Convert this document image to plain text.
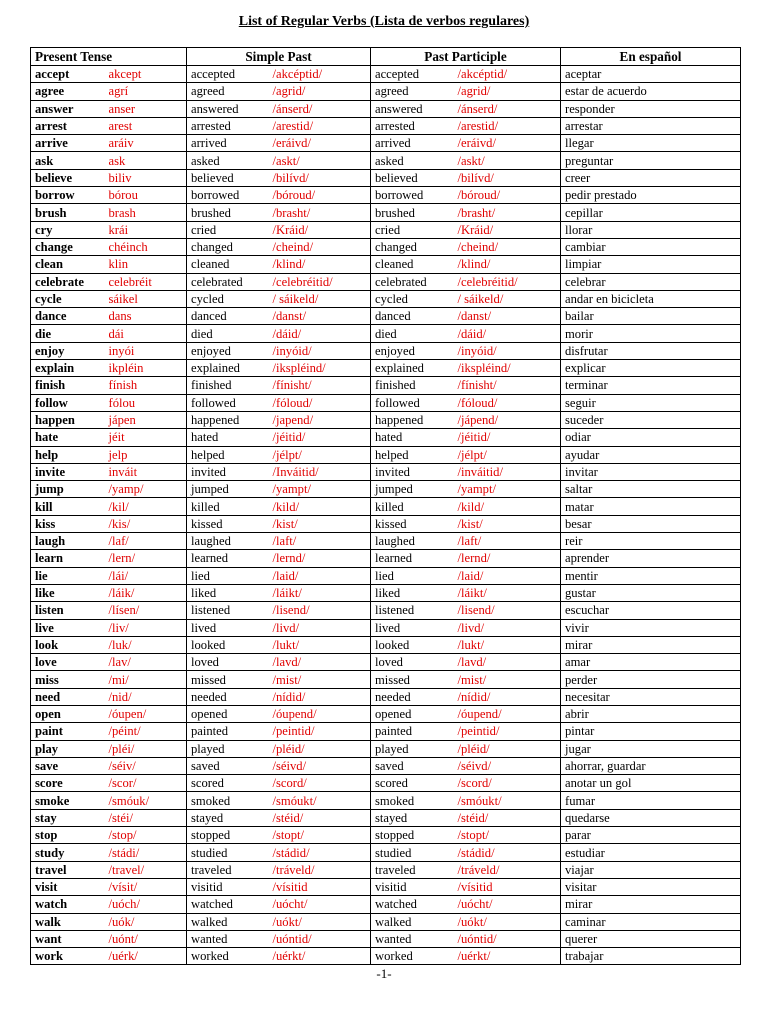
List of Regular Verbs (Lista de verbos regulares)
Present Tense		Simple Past		Past Participle		En español
accept	akcept	accepted	/akcéptid/	accepted	/akcéptid/	aceptar
agree	agrí	agreed	/agrid/	agreed	/agrid/	estar de acuerdo
answer	anser	answered	/ánserd/	answered	/ánserd/	responder
arrest	arest	arrested	/arestid/	arrested	/arestid/	arrestar
arrive	aráiv	arrived	/eráivd/	arrived	/eráivd/	llegar
ask	ask	asked	/askt/	asked	/askt/	preguntar
believe	biliv	believed	/bilívd/	believed	/bilívd/	creer
borrow	bórou	borrowed	/bóroud/	borrowed	/bóroud/	pedir prestado
brush	brash	brushed	/brasht/	brushed	/brasht/	cepillar
cry	krái	cried	/Kráid/	cried	/Kráid/	llorar
change	chéinch	changed	/cheind/	changed	/cheind/	cambiar
clean	klin	cleaned	/klind/	cleaned	/klind/	limpiar
celebrate	celebréit	celebrated	/celebréitid/	celebrated	/celebréitid/	celebrar
cycle	sáikel	cycled	/ sáikeld/	cycled	/ sáikeld/	andar en bicicleta
dance	dans	danced	/danst/	danced	/danst/	bailar
die	dái	died	/dáid/	died	/dáid/	morir
enjoy	inyói	enjoyed	/inyóid/	enjoyed	/inyóid/	disfrutar
explain	ikpléin	explained	/ikspléind/	explained	/ikspléind/	explicar
finish	fínish	finished	/fínisht/	finished	/fínisht/	terminar
follow	fólou	followed	/fóloud/	followed	/fóloud/	seguir
happen	jápen	happened	/japend/	happened	/jápend/	suceder
hate	jéit	hated	/jéitid/	hated	/jéitid/	odiar
help	jelp	helped	/jélpt/	helped	/jélpt/	ayudar
invite	inváit	invited	/Inváitid/	invited	/inváitid/	invitar
jump	/yamp/	jumped	/yampt/	jumped	/yampt/	saltar
kill	/kil/	killed	/kild/	killed	/kild/	matar
kiss	/kis/	kissed	/kist/	kissed	/kist/	besar
laugh	/laf/	laughed	/laft/	laughed	/laft/	reir
learn	/lern/	learned	/lernd/	learned	/lernd/	aprender
lie	/lái/	lied	/laid/	lied	/laid/	mentir
like	/láik/	liked	/láikt/	liked	/láikt/	gustar
listen	/lísen/	listened	/lisend/	listened	/lisend/	escuchar
live	/liv/	lived	/livd/	lived	/livd/	vivir
look	/luk/	looked	/lukt/	looked	/lukt/	mirar
love	/lav/	loved	/lavd/	loved	/lavd/	amar
miss	/mi/	missed	/mist/	missed	/mist/	perder
need	/nid/	needed	/nídid/	needed	/nídid/	necesitar
open	/óupen/	opened	/óupend/	opened	/óupend/	abrir
paint	/péint/	painted	/peintid/	painted	/peintid/	pintar
play	/pléi/	played	/pléid/	played	/pléid/	jugar
save	/séiv/	saved	/séivd/	saved	/séivd/	ahorrar, guardar
score	/scor/	scored	/scord/	scored	/scord/	anotar un gol
smoke	/smóuk/	smoked	/smóukt/	smoked	/smóukt/	fumar
stay	/stéi/	stayed	/stéid/	stayed	/stéid/	quedarse
stop	/stop/	stopped	/stopt/	stopped	/stopt/	parar
study	/stádi/	studied	/stádid/	studied	/stádid/	estudiar
travel	/travel/	traveled	/tráveld/	traveled	/tráveld/	viajar
visit	/vísit/	visitid	/vísitid	visitid	/vísitid	visitar
watch	/uóch/	watched	/uócht/	watched	/uócht/	mirar
walk	/uók/	walked	/uókt/	walked	/uókt/	caminar
want	/uónt/	wanted	/uóntid/	wanted	/uóntid/	querer
work	/uérk/	worked	/uérkt/	worked	/uérkt/	trabajar
-1-
